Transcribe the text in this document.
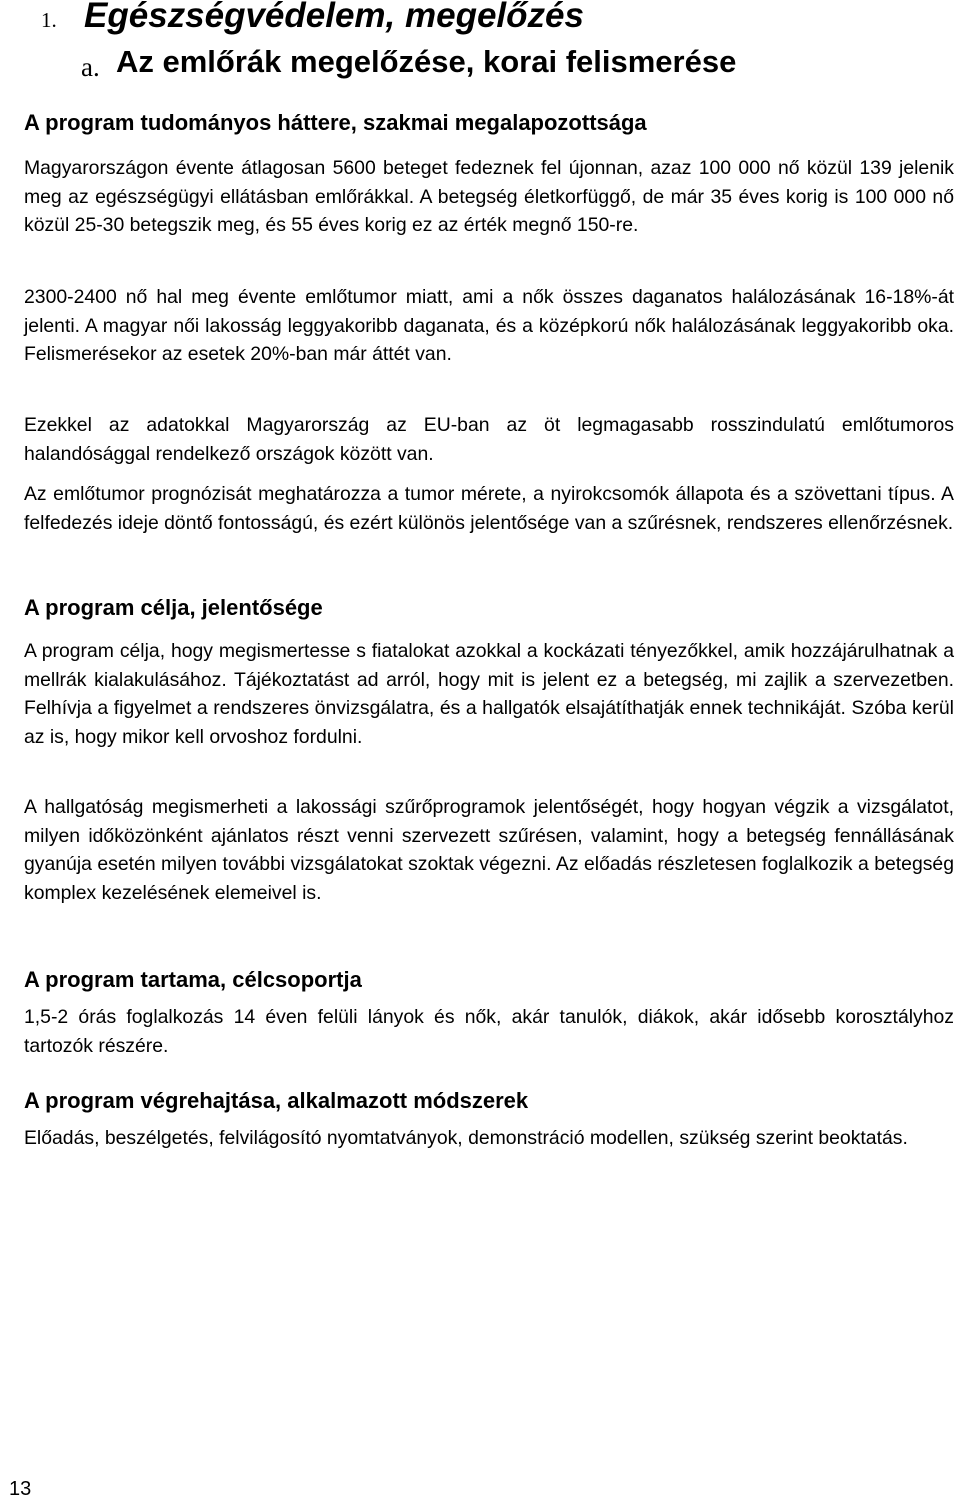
1. Egészségvédelem, megelőzés
a. Az emlőrák megelőzése, korai felismerése
A program tudományos háttere, szakmai megalapozottsága

Magyarországon évente átlagosan 5600 beteget fedeznek fel újonnan, azaz 100 000 nő közül 139 jelenik meg az egészségügyi ellátásban emlőrákkal. A betegség életkorfüggő, de már 35 éves korig is 100 000 nő közül 25-30 betegszik meg, és 55 éves korig ez az érték megnő 150-re.

2300-2400 nő hal meg évente emlőtumor miatt, ami a nők összes daganatos halálozásának 16-18%-át jelenti. A magyar női lakosság leggyakoribb daganata, és a középkorú nők halálozásának leggyakoribb oka. Felismerésekor az esetek 20%-ban már áttét van.

Ezekkel az adatokkal Magyarország az EU-ban az öt legmagasabb rosszindulatú emlőtumoros halandósággal rendelkező országok között van.

Az emlőtumor prognózisát meghatározza a tumor mérete, a nyirokcsomók állapota és a szövettani típus. A felfedezés ideje döntő fontosságú, és ezért különös jelentősége van a szűrésnek, rendszeres ellenőrzésnek.

A program célja, jelentősége

A program célja, hogy megismertesse s fiatalokat azokkal a kockázati tényezőkkel, amik hozzájárulhatnak a mellrák kialakulásához. Tájékoztatást ad arról, hogy mit is jelent ez a betegség, mi zajlik a szervezetben. Felhívja a figyelmet a rendszeres önvizsgálatra, és a hallgatók elsajátíthatják ennek technikáját. Szóba kerül az is, hogy mikor kell orvoshoz fordulni.

A hallgatóság megismerheti a lakossági szűrőprogramok jelentőségét, hogy hogyan végzik a vizsgálatot, milyen időközönként ajánlatos részt venni szervezett szűrésen, valamint, hogy a betegség fennállásának gyanúja esetén milyen további vizsgálatokat szoktak végezni. Az előadás részletesen foglalkozik a betegség komplex kezelésének elemeivel is.

A program tartama, célcsoportja

1,5-2 órás foglalkozás 14 éven felüli lányok és nők, akár tanulók, diákok, akár idősebb korosztályhoz tartozók részére.

A program végrehajtása, alkalmazott módszerek

Előadás, beszélgetés, felvilágosító nyomtatványok, demonstráció modellen, szükség szerint beoktatás.

13
